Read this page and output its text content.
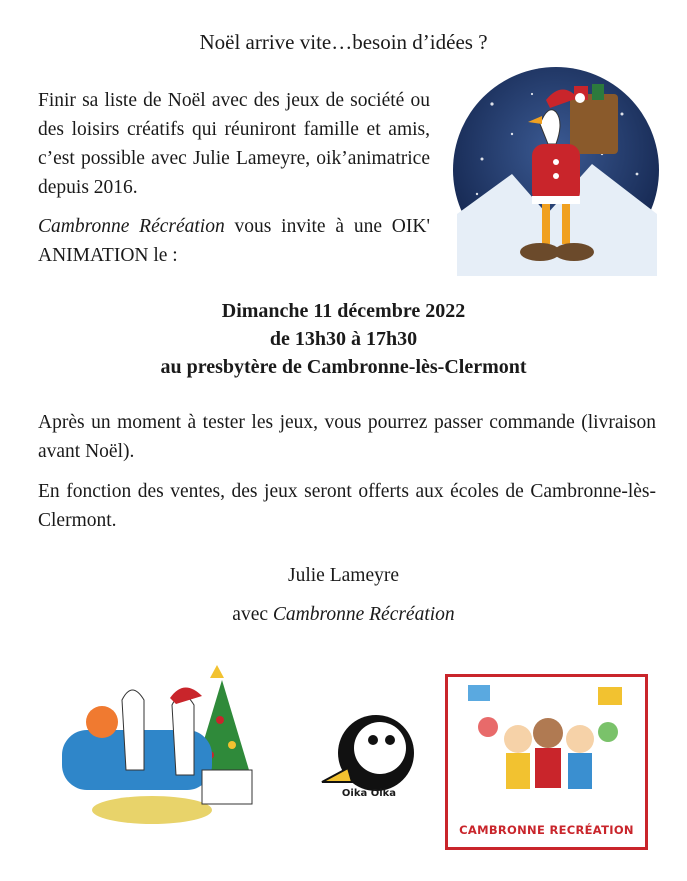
Noël arrive vite…besoin d’idées ?

Finir sa liste de Noël avec des jeux de société ou des loisirs créatifs qui réuniront famille et amis, c’est possible avec Julie Lameyre, oik’animatrice depuis 2016.

Cambronne Récréation vous invite à une OIK' ANIMATION le :

Dimanche 11 décembre 2022
de 13h30 à 17h30
au presbytère de Cambronne-lès-Clermont

Après un moment à tester les jeux, vous pourrez passer commande (livraison avant Noël).

En fonction des ventes, des jeux seront offerts aux écoles de Cambronne-lès-Clermont.

Julie Lameyre
avec Cambronne Récréation
Oika Oika
CAMBRONNE RECRÉATION
